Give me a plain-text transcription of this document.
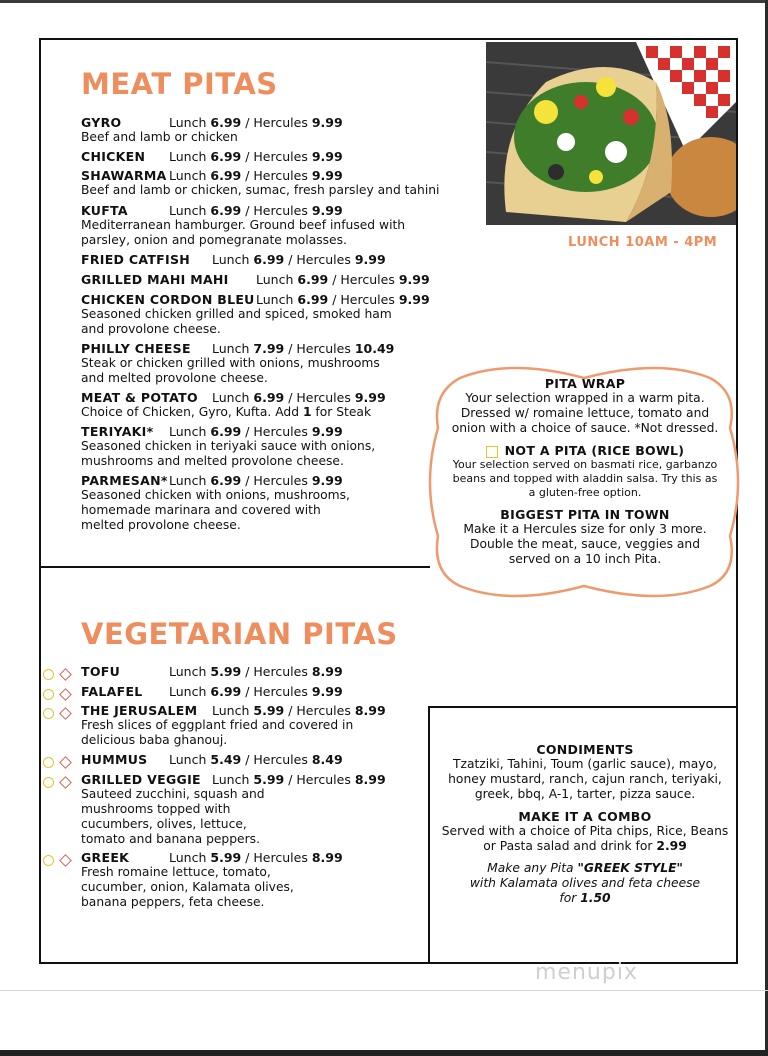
LUNCH 10AM - 4PM
MEAT PITAS
GYRO	Lunch 6.99 / Hercules 9.99

Beef and lamb or chicken

CHICKEN Lunch 6.99 / Hercules 9.99
SHAWARMA Lunch 6.99 / Hercules 9.99

Beef and lamb or chicken, sumac, fresh parsley and tahini

KUFTA	Lunch 6.99 / Hercules 9.99

Mediterranean hamburger. Ground beef infused with parsley, onion and pomegranate molasses.

FRIED CATFISH Lunch 6.99 / Hercules 9.99
GRILLED MAHI MAHI Lunch 6.99 / Hercules 9.99
CHICKEN CORDON BLEU Lunch 6.99 / Hercules 9.99

Seasoned chicken grilled and spiced, smoked ham and provolone cheese.

PHILLY CHEESE Lunch 7.99 / Hercules 10.49

Steak or chicken grilled with onions, mushrooms and melted provolone cheese.

MEAT & POTATO Lunch 6.99 / Hercules 9.99

Choice of Chicken, Gyro, Kufta. Add 1 for Steak

TERIYAKI* Lunch 6.99 / Hercules 9.99

Seasoned chicken in teriyaki sauce with onions, mushrooms and melted provolone cheese.

PARMESAN* Lunch 6.99 / Hercules 9.99

Seasoned chicken with onions, mushrooms, homemade marinara and covered with melted provolone cheese.

PITA WRAP

Your selection wrapped in a warm pita. Dressed w/ romaine lettuce, tomato and onion with a choice of sauce. *Not dressed.

NOT A PITA (RICE BOWL)

Your selection served on basmati rice, garbanzo beans and topped with aladdin salsa. Try this as a gluten-free option.

BIGGEST PITA IN TOWN

Make it a Hercules size for only 3 more. Double the meat, sauce, veggies and served on a 10 inch Pita.

VEGETARIAN PITAS
TOFU	Lunch 5.99 / Hercules 8.99
FALAFEL Lunch 6.99 / Hercules 9.99
THE JERUSALEM Lunch 5.99 / Hercules 8.99

Fresh slices of eggplant fried and covered in delicious baba ghanouj.

HUMMUS Lunch 5.49 / Hercules 8.49
GRILLED VEGGIE Lunch 5.99 / Hercules 8.99

Sauteed zucchini, squash and mushrooms topped with cucumbers, olives, lettuce, tomato and banana peppers.

GREEK	Lunch 5.99 / Hercules 8.99

Fresh romaine lettuce, tomato, cucumber, onion, Kalamata olives, banana peppers, feta cheese.

CONDIMENTS

Tzatziki, Tahini, Toum (garlic sauce), mayo, honey mustard, ranch, cajun ranch, teriyaki, greek, bbq, A-1, tarter, pizza sauce.

MAKE IT A COMBO

Served with a choice of Pita chips, Rice, Beans or Pasta salad and drink for 2.99

Make any Pita "GREEK STYLE"
with Kalamata olives and feta cheese
for 1.50

menupix
